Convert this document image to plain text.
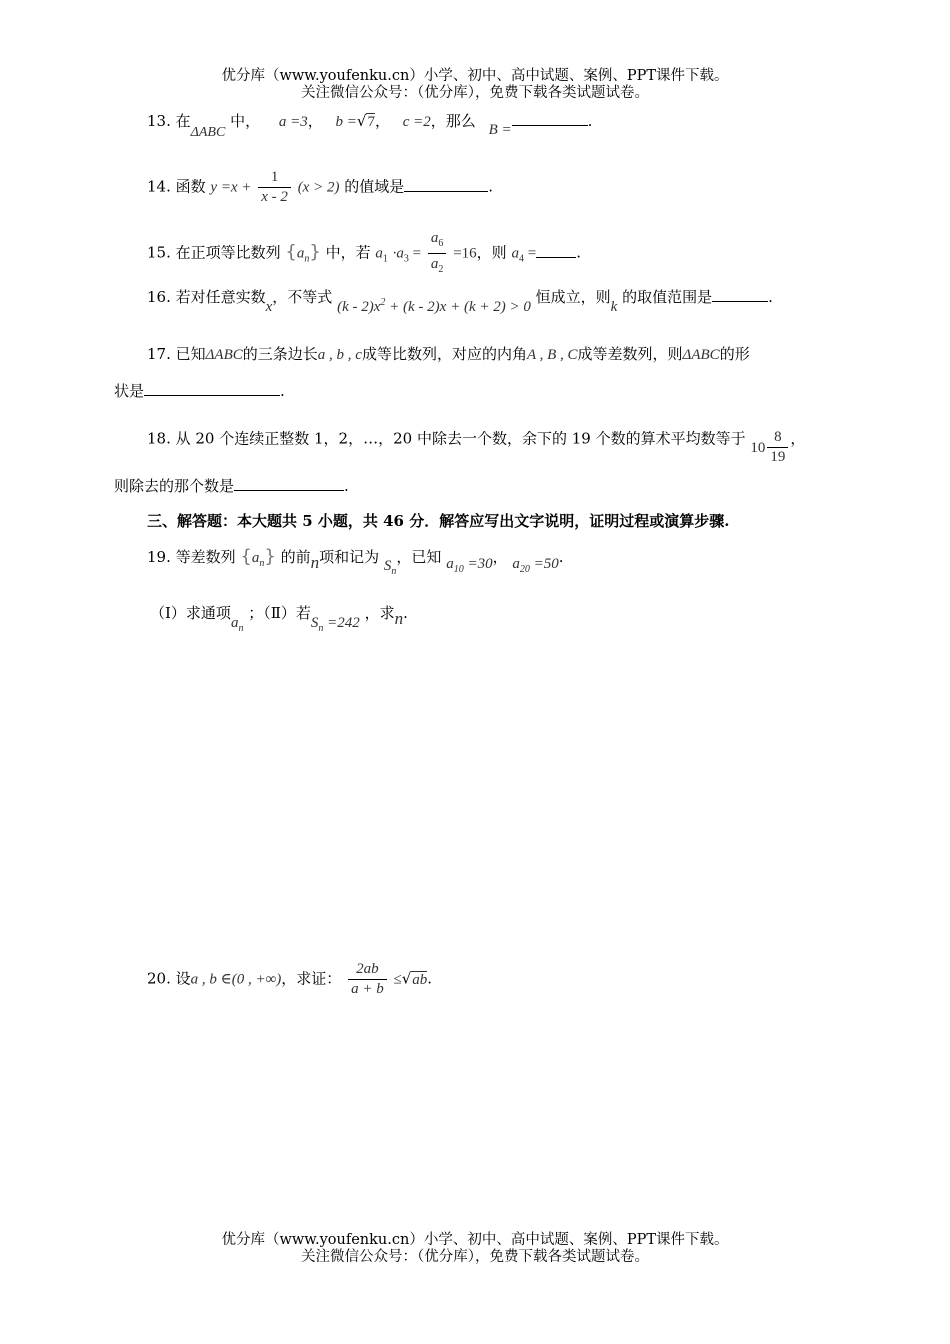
优分库（www.youfenku.cn）小学、初中、高中试题、案例、PPT课件下载。
关注微信公众号：（优分库），免费下载各类试题试卷。
13. 在ΔABC 中， a =3， b =√7， c =2，那么 B =	.
14. 函数 $y =x + \frac{1}{x - 2} (x > 2)$ 的值域是	.
15. 在正项等比数列 $\{a_n\}$ 中，若 $a_1 \cdot a_3 = \frac{a_6}{a_2} =16$，则 $a_4$ =	.
16. 若对任意实数x，不等式 $(k - 2)x^2 + (k - 2)x + (k + 2) > 0$ 恒成立，则k 的取值范围是	.
17. 已知ΔABC的三条边长a , b , c成等比数列，对应的内角A , B , C成等差数列，则ΔABC的形
状是	.
18. 从 20 个连续正整数 1，2，…，20 中除去一个数，余下的 19 个数的算术平均数等于 $10 \frac{8}{19}$ ，
则除去的那个数是	.
三、解答题：本大题共 5 小题，共 46 分．解答应写出文字说明，证明过程或演算步骤.
19. 等差数列 $\{a_n\}$ 的前n项和记为 $S_n$，已知 $a_{10} =30$， $a_{20} =50$.
（Ⅰ）求通项$a_n$ ；（Ⅱ）若$S_n =242$ ，求n.
20. 设a , b ∈(0 , +∞)，求证： $\frac{2ab}{a + b} \le√ab$.
优分库（www.youfenku.cn）小学、初中、高中试题、案例、PPT课件下载。
关注微信公众号：（优分库），免费下载各类试题试卷。
